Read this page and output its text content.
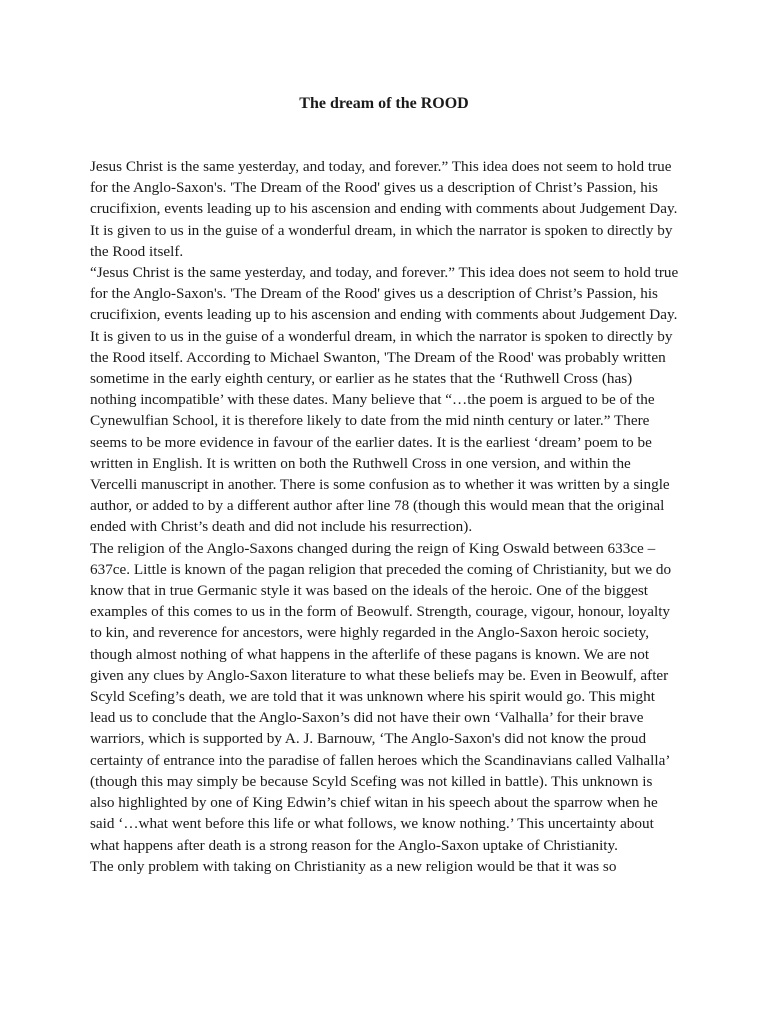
The dream of the ROOD

Jesus Christ is the same yesterday, and today, and forever.” This idea does not seem to hold true for the Anglo-Saxon's. 'The Dream of the Rood' gives us a description of Christ’s Passion, his crucifixion, events leading up to his ascension and ending with comments about Judgement Day. It is given to us in the guise of a wonderful dream, in which the narrator is spoken to directly by the Rood itself.

“Jesus Christ is the same yesterday, and today, and forever.” This idea does not seem to hold true for the Anglo-Saxon's. 'The Dream of the Rood' gives us a description of Christ’s Passion, his crucifixion, events leading up to his ascension and ending with comments about Judgement Day. It is given to us in the guise of a wonderful dream, in which the narrator is spoken to directly by the Rood itself. According to Michael Swanton, 'The Dream of the Rood' was probably written sometime in the early eighth century, or earlier as he states that the ‘Ruthwell Cross (has) nothing incompatible’ with these dates. Many believe that “…the poem is argued to be of the Cynewulfian School, it is therefore likely to date from the mid ninth century or later.” There seems to be more evidence in favour of the earlier dates. It is the earliest ‘dream’ poem to be written in English. It is written on both the Ruthwell Cross in one version, and within the Vercelli manuscript in another. There is some confusion as to whether it was written by a single author, or added to by a different author after line 78 (though this would mean that the original ended with Christ’s death and did not include his resurrection).

The religion of the Anglo-Saxons changed during the reign of King Oswald between 633ce – 637ce. Little is known of the pagan religion that preceded the coming of Christianity, but we do know that in true Germanic style it was based on the ideals of the heroic. One of the biggest examples of this comes to us in the form of Beowulf. Strength, courage, vigour, honour, loyalty to kin, and reverence for ancestors, were highly regarded in the Anglo-Saxon heroic society, though almost nothing of what happens in the afterlife of these pagans is known. We are not given any clues by Anglo-Saxon literature to what these beliefs may be. Even in Beowulf, after Scyld Scefing’s death, we are told that it was unknown where his spirit would go. This might lead us to conclude that the Anglo-Saxon’s did not have their own ‘Valhalla’ for their brave warriors, which is supported by A. J. Barnouw, ‘The Anglo-Saxon's did not know the proud certainty of entrance into the paradise of fallen heroes which the Scandinavians called Valhalla’ (though this may simply be because Scyld Scefing was not killed in battle). This unknown is also highlighted by one of King Edwin’s chief witan in his speech about the sparrow when he said ‘…what went before this life or what follows, we know nothing.’ This uncertainty about what happens after death is a strong reason for the Anglo-Saxon uptake of Christianity.

The only problem with taking on Christianity as a new religion would be that it was so
